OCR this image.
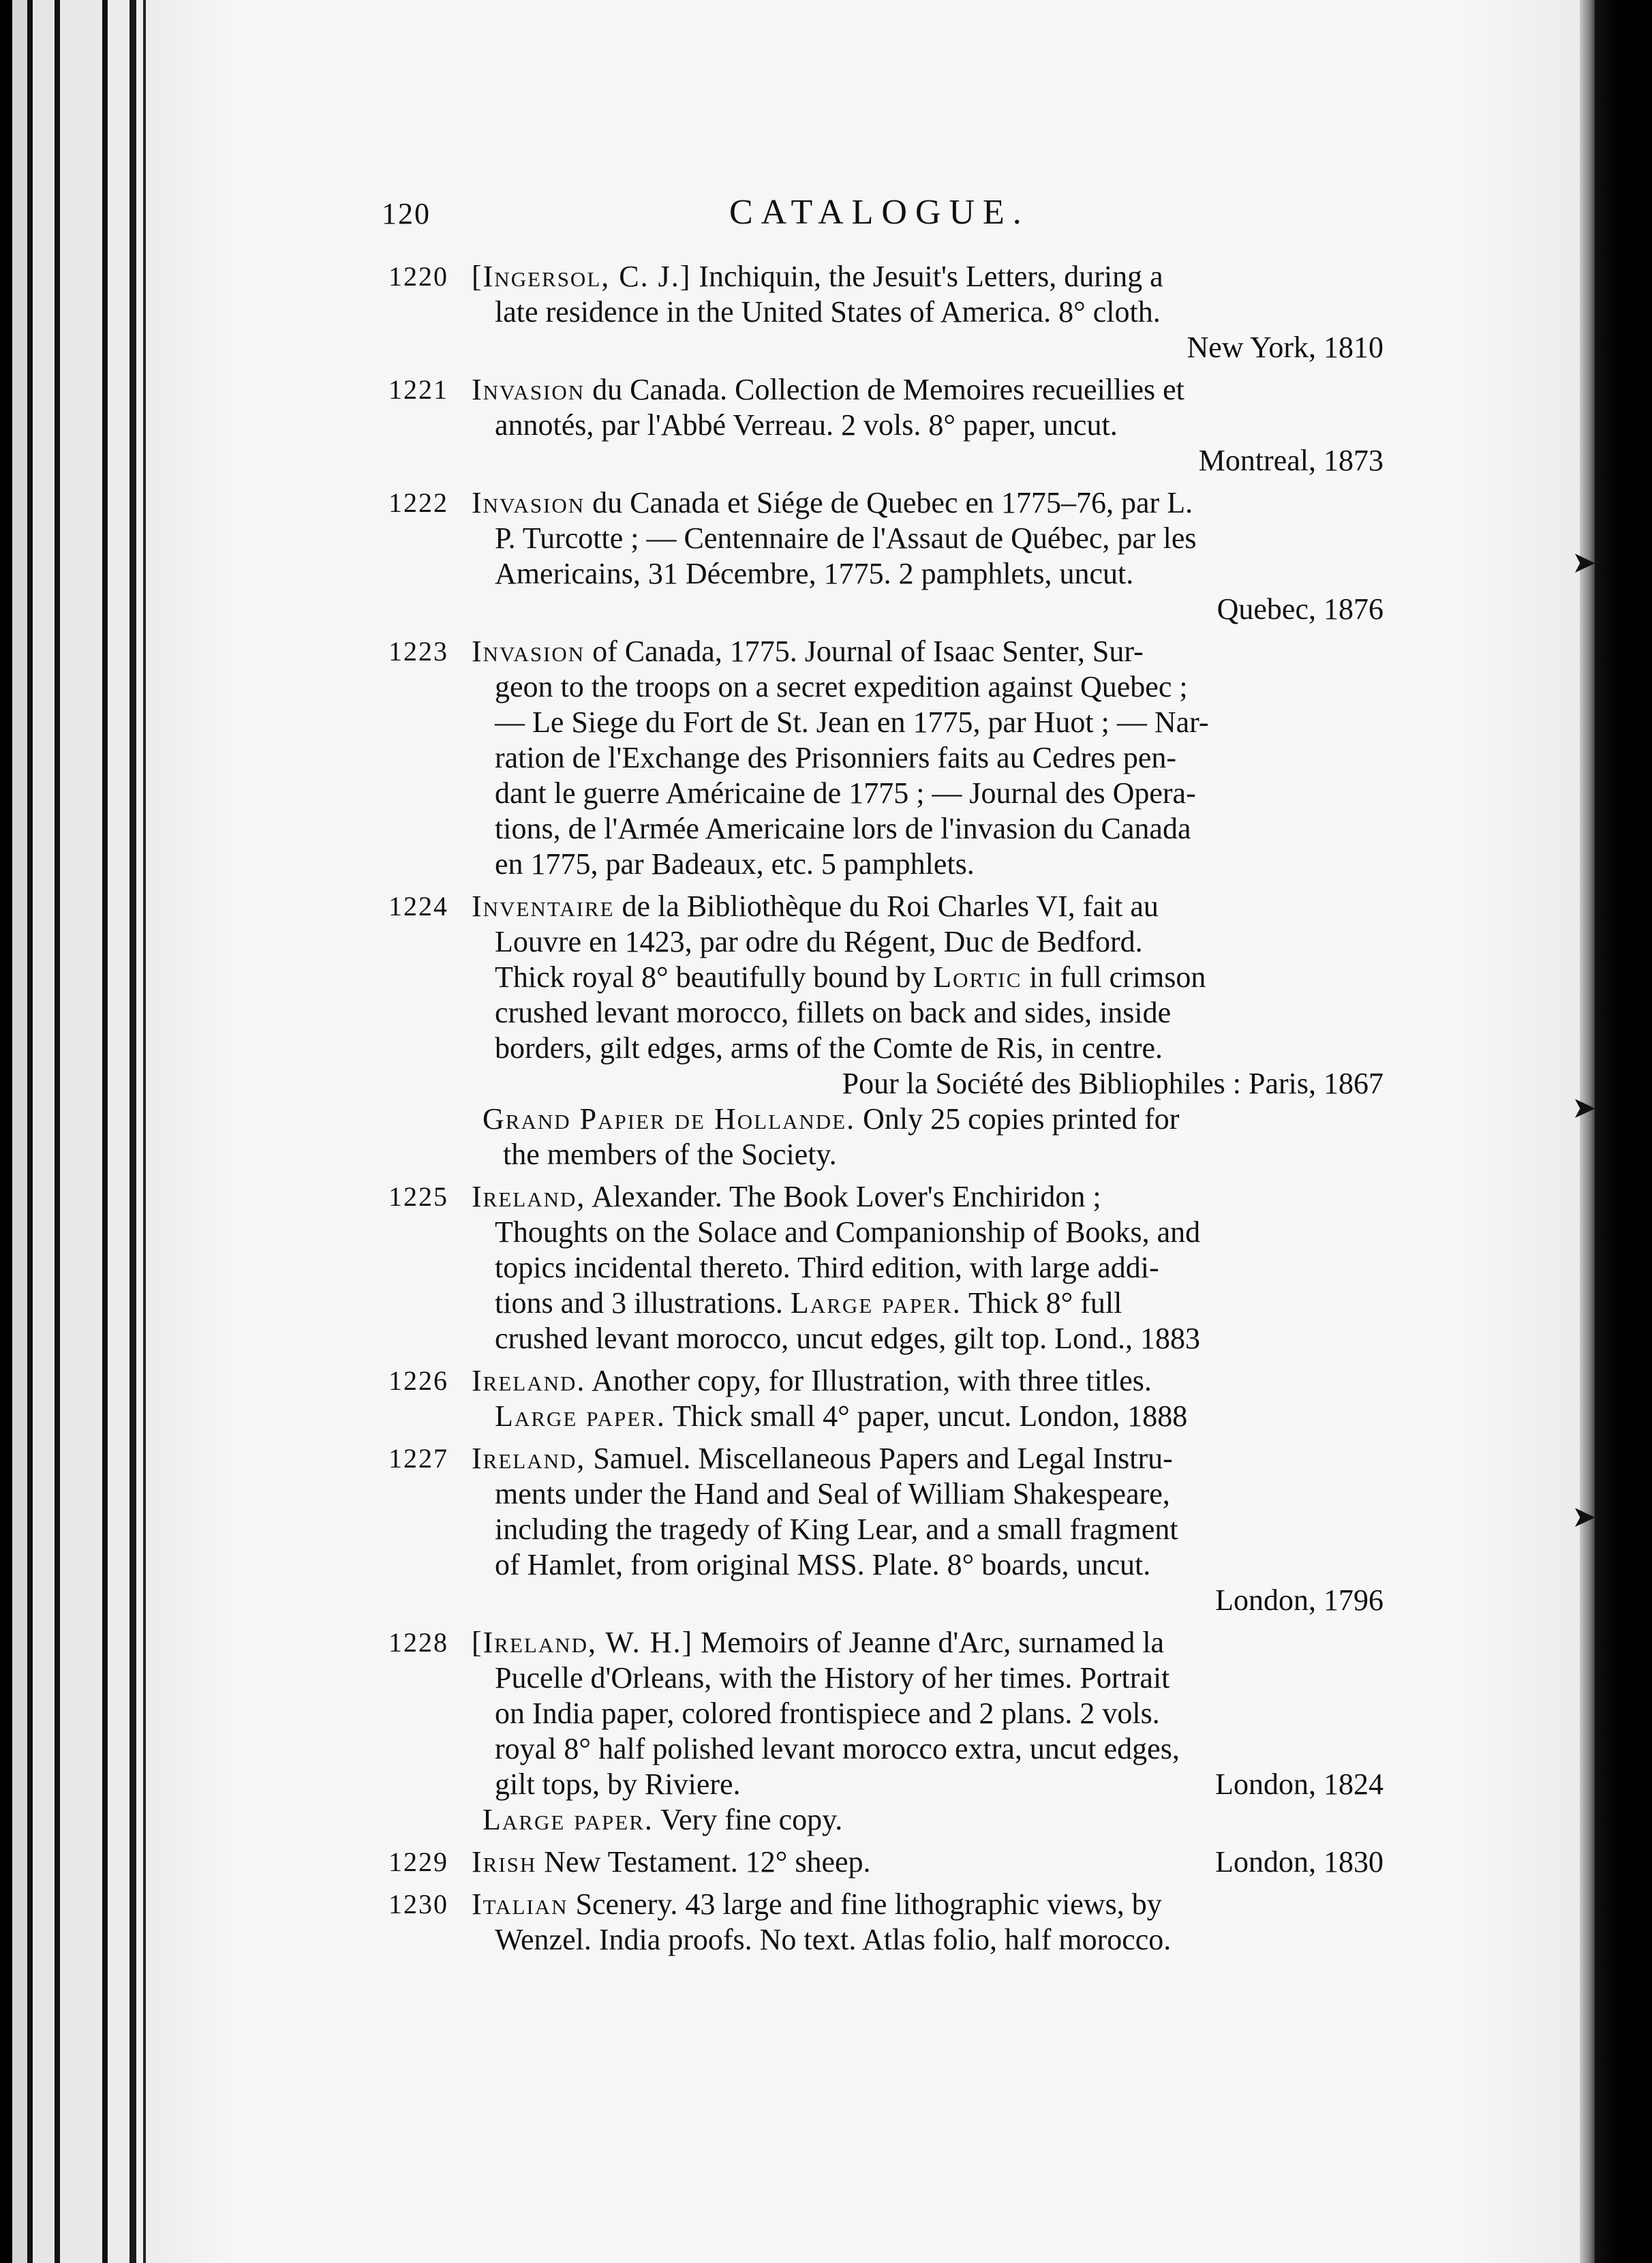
➤
➤
➤
120	CATALOGUE.
1220 [Ingersol, C. J.] Inchiquin, the Jesuit's Letters, during a
late residence in the United States of America. 8° cloth.
New York, 1810
1221 Invasion du Canada. Collection de Memoires recueillies et
annotés, par l'Abbé Verreau. 2 vols. 8° paper, uncut.
Montreal, 1873
1222 Invasion du Canada et Siége de Quebec en 1775–76, par L.
P. Turcotte ; — Centennaire de l'Assaut de Québec, par les
Americains, 31 Décembre, 1775. 2 pamphlets, uncut.
Quebec, 1876
1223 Invasion of Canada, 1775. Journal of Isaac Senter, Sur-
geon to the troops on a secret expedition against Quebec ;
— Le Siege du Fort de St. Jean en 1775, par Huot ; — Nar-
ration de l'Exchange des Prisonniers faits au Cedres pen-
dant le guerre Américaine de 1775 ; — Journal des Opera-
tions, de l'Armée Americaine lors de l'invasion du Canada
en 1775, par Badeaux, etc. 5 pamphlets.
1224 Inventaire de la Bibliothèque du Roi Charles VI, fait au
Louvre en 1423, par odre du Régent, Duc de Bedford.
Thick royal 8° beautifully bound by Lortic in full crimson
crushed levant morocco, fillets on back and sides, inside
borders, gilt edges, arms of the Comte de Ris, in centre.
Pour la Société des Bibliophiles : Paris, 1867
Grand Papier de Hollande. Only 25 copies printed for
the members of the Society.
1225 Ireland, Alexander. The Book Lover's Enchiridon ;
Thoughts on the Solace and Companionship of Books, and
topics incidental thereto. Third edition, with large addi-
tions and 3 illustrations. Large paper. Thick 8° full
crushed levant morocco, uncut edges, gilt top. Lond., 1883
1226 Ireland. Another copy, for Illustration, with three titles.
Large paper. Thick small 4° paper, uncut. London, 1888
1227 Ireland, Samuel. Miscellaneous Papers and Legal Instru-
ments under the Hand and Seal of William Shakespeare,
including the tragedy of King Lear, and a small fragment
of Hamlet, from original MSS. Plate. 8° boards, uncut.
London, 1796
1228 [Ireland, W. H.] Memoirs of Jeanne d'Arc, surnamed la
Pucelle d'Orleans, with the History of her times. Portrait
on India paper, colored frontispiece and 2 plans. 2 vols.
royal 8° half polished levant morocco extra, uncut edges,
gilt tops, by Riviere.	London, 1824
Large paper. Very fine copy.
1229 Irish New Testament. 12° sheep.	London, 1830
1230 Italian Scenery. 43 large and fine lithographic views, by
Wenzel. India proofs. No text. Atlas folio, half morocco.
